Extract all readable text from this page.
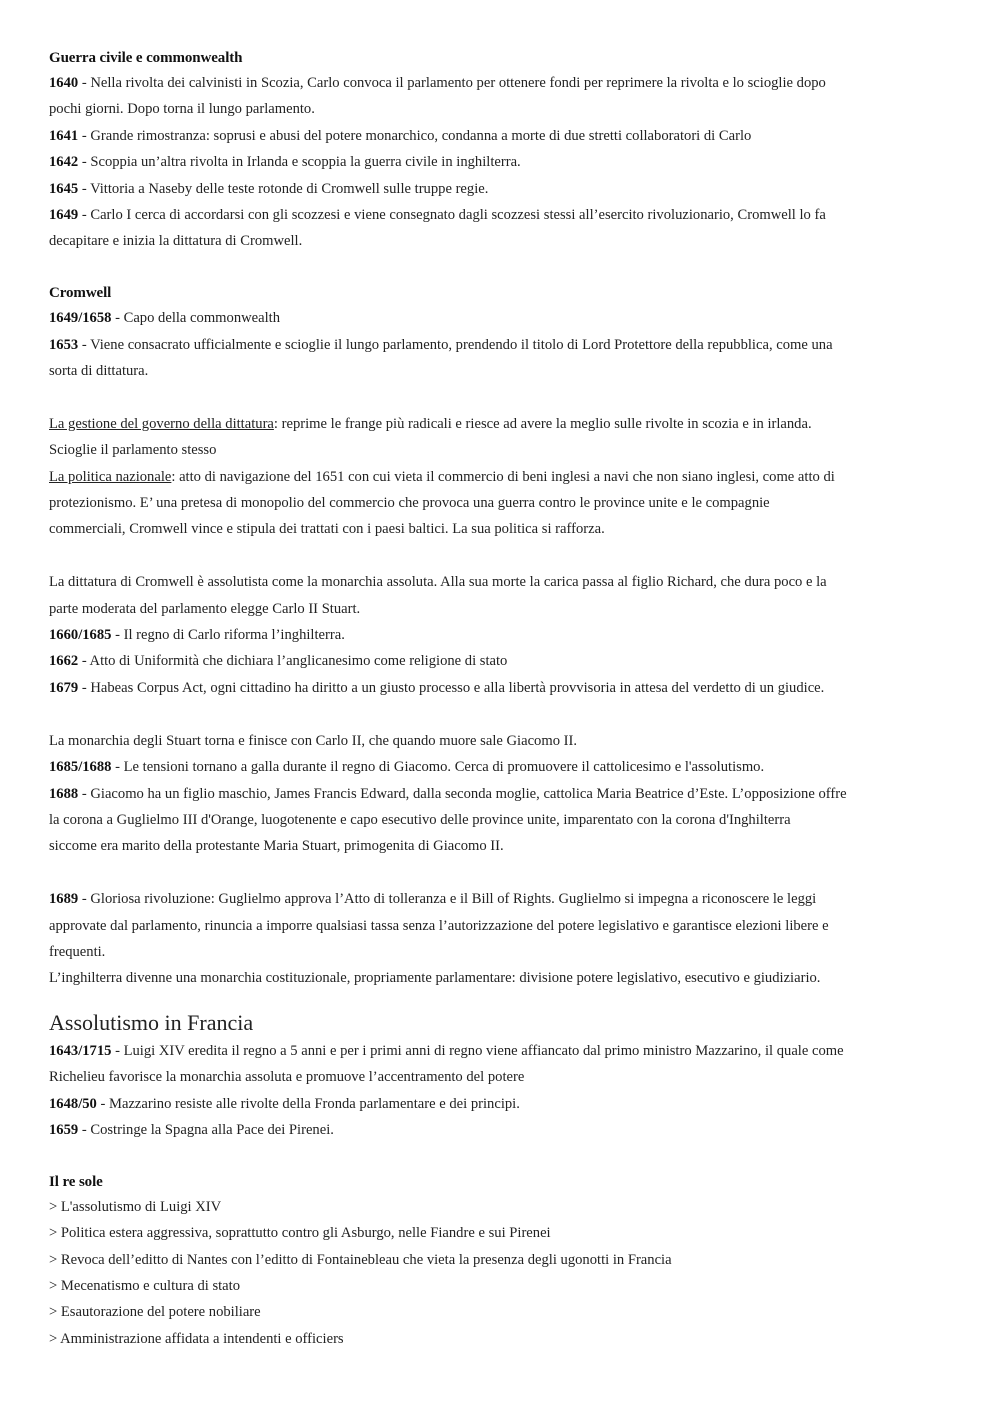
Guerra civile e commonwealth

1640 - Nella rivolta dei calvinisti in Scozia, Carlo convoca il parlamento per ottenere fondi per reprimere la rivolta e lo scioglie dopo

pochi giorni. Dopo torna il lungo parlamento.

1641 - Grande rimostranza: soprusi e abusi del potere monarchico, condanna a morte di due stretti collaboratori di Carlo

1642 - Scoppia un’altra rivolta in Irlanda e scoppia la guerra civile in inghilterra.

1645 - Vittoria a Naseby delle teste rotonde di Cromwell sulle truppe regie.

1649 - Carlo I cerca di accordarsi con gli scozzesi e viene consegnato dagli scozzesi stessi all’esercito rivoluzionario, Cromwell lo fa

decapitare e inizia la dittatura di Cromwell.

Cromwell

1649/1658 - Capo della commonwealth

1653 - Viene consacrato ufficialmente e scioglie il lungo parlamento, prendendo il titolo di Lord Protettore della repubblica, come una

sorta di dittatura.

La gestione del governo della dittatura: reprime le frange più radicali e riesce ad avere la meglio sulle rivolte in scozia e in irlanda.

Scioglie il parlamento stesso

La politica nazionale: atto di navigazione del 1651 con cui vieta il commercio di beni inglesi a navi che non siano inglesi, come atto di

protezionismo. E’ una pretesa di monopolio del commercio che provoca una guerra contro le province unite e le compagnie

commerciali, Cromwell vince e stipula dei trattati con i paesi baltici. La sua politica si rafforza.

La dittatura di Cromwell è assolutista come la monarchia assoluta. Alla sua morte la carica passa al figlio Richard, che dura poco e la

parte moderata del parlamento elegge Carlo II Stuart.

1660/1685 - Il regno di Carlo riforma l’inghilterra.

1662 - Atto di Uniformità che dichiara l’anglicanesimo come religione di stato

1679 - Habeas Corpus Act, ogni cittadino ha diritto a un giusto processo e alla libertà provvisoria in attesa del verdetto di un giudice.

La monarchia degli Stuart torna e finisce con Carlo II, che quando muore sale Giacomo II.

1685/1688 - Le tensioni tornano a galla durante il regno di Giacomo. Cerca di promuovere il cattolicesimo e l'assolutismo.

1688 - Giacomo ha un figlio maschio, James Francis Edward, dalla seconda moglie, cattolica Maria Beatrice d’Este. L’opposizione offre

la corona a Guglielmo III d'Orange, luogotenente e capo esecutivo delle province unite, imparentato con la corona d'Inghilterra

siccome era marito della protestante Maria Stuart, primogenita di Giacomo II.

1689 - Gloriosa rivoluzione: Guglielmo approva l’Atto di tolleranza e il Bill of Rights. Guglielmo si impegna a riconoscere le leggi

approvate dal parlamento, rinuncia a imporre qualsiasi tassa senza l’autorizzazione del potere legislativo e garantisce elezioni libere e

frequenti.

L’inghilterra divenne una monarchia costituzionale, propriamente parlamentare: divisione potere legislativo, esecutivo e giudiziario.

Assolutismo in Francia

1643/1715 - Luigi XIV eredita il regno a 5 anni e per i primi anni di regno viene affiancato dal primo ministro Mazzarino, il quale come

Richelieu favorisce la monarchia assoluta e promuove l’accentramento del potere

1648/50 - Mazzarino resiste alle rivolte della Fronda parlamentare e dei principi.

1659 - Costringe la Spagna alla Pace dei Pirenei.

Il re sole

> L'assolutismo di Luigi XIV

> Politica estera aggressiva, soprattutto contro gli Asburgo, nelle Fiandre e sui Pirenei

> Revoca dell’editto di Nantes con l’editto di Fontainebleau che vieta la presenza degli ugonotti in Francia

> Mecenatismo e cultura di stato

> Esautorazione del potere nobiliare

> Amministrazione affidata a intendenti e officiers
